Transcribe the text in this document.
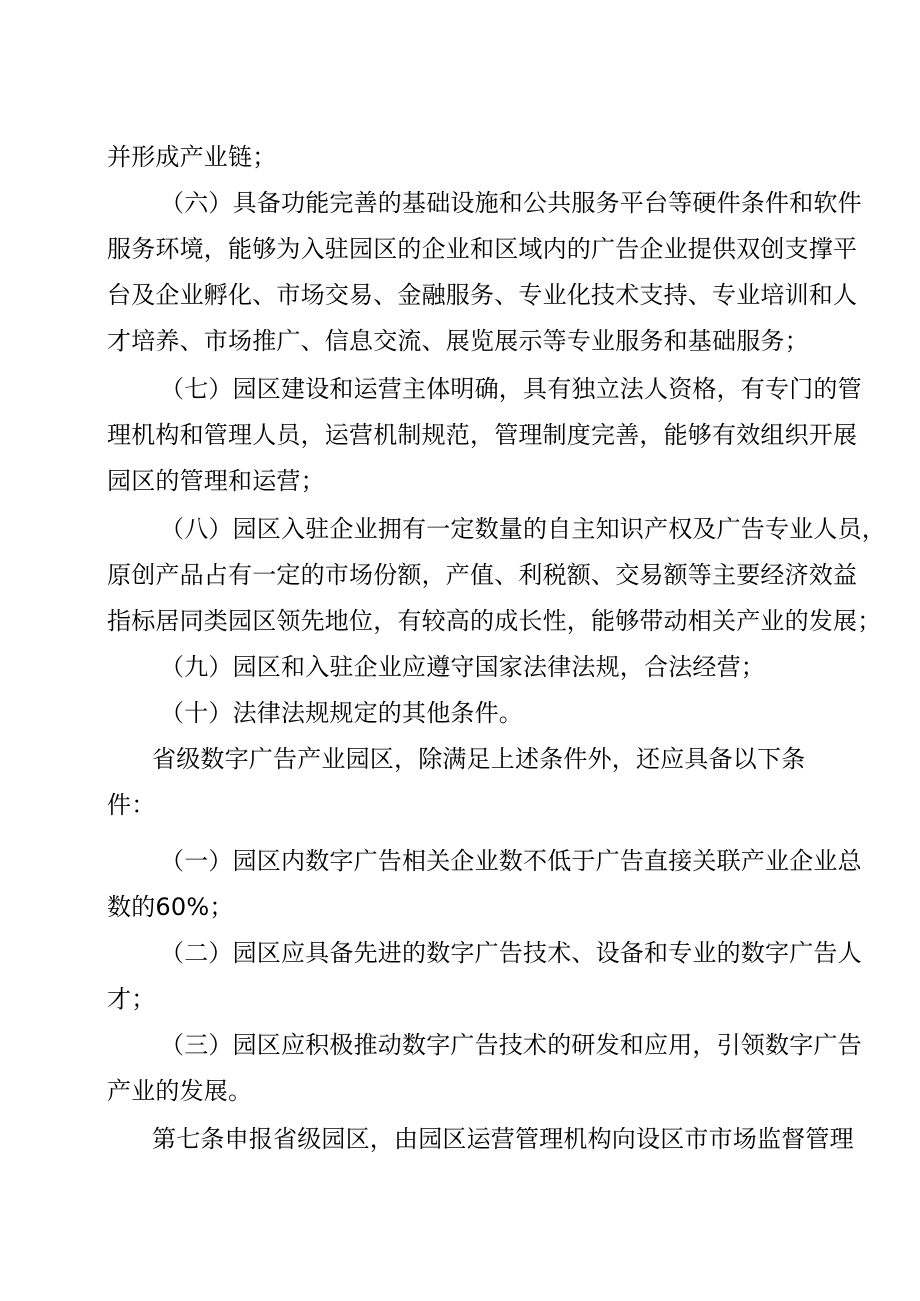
并形成产业链；
（六）具备功能完善的基础设施和公共服务平台等硬件条件和软件
服务环境，能够为入驻园区的企业和区域内的广告企业提供双创支撑平
台及企业孵化、市场交易、金融服务、专业化技术支持、专业培训和人
才培养、市场推广、信息交流、展览展示等专业服务和基础服务；
（七）园区建设和运营主体明确，具有独立法人资格，有专门的管
理机构和管理人员，运营机制规范，管理制度完善，能够有效组织开展
园区的管理和运营；
（八）园区入驻企业拥有一定数量的自主知识产权及广告专业人员，
原创产品占有一定的市场份额，产值、利税额、交易额等主要经济效益
指标居同类园区领先地位，有较高的成长性，能够带动相关产业的发展；
（九）园区和入驻企业应遵守国家法律法规，合法经营；
（十）法律法规规定的其他条件。
省级数字广告产业园区，除满足上述条件外，还应具备以下条
件：
（一）园区内数字广告相关企业数不低于广告直接关联产业企业总
数的60%；
（二）园区应具备先进的数字广告技术、设备和专业的数字广告人
才；
（三）园区应积极推动数字广告技术的研发和应用，引领数字广告
产业的发展。
第七条申报省级园区，由园区运营管理机构向设区市市场监督管理
